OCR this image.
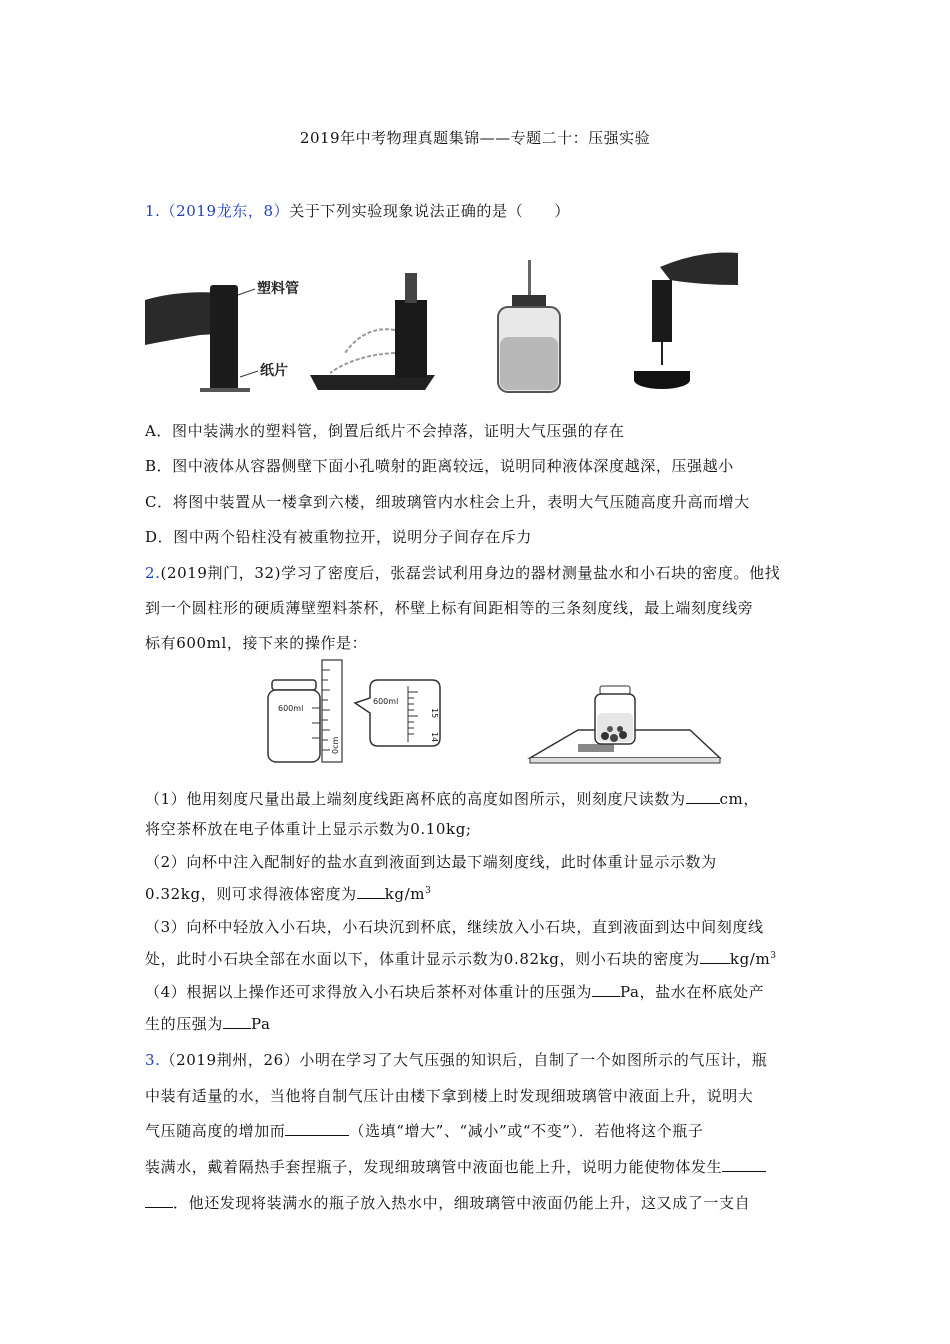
2019年中考物理真题集锦——专题二十：压强实验
1.（2019龙东，8）关于下列实验现象说法正确的是（　　）
塑料管
纸片
A．图中装满水的塑料管，倒置后纸片不会掉落，证明大气压强的存在
B．图中液体从容器侧壁下面小孔喷射的距离较远，说明同种液体深度越深，压强越小
C．将图中装置从一楼拿到六楼，细玻璃管内水柱会上升，表明大气压随高度升高而增大
D．图中两个铅柱没有被重物拉开，说明分子间存在斥力
2.(2019荆门，32)学习了密度后，张磊尝试利用身边的器材测量盐水和小石块的密度。他找
到一个圆柱形的硬质薄壁塑料茶杯，杯壁上标有间距相等的三条刻度线，最上端刻度线旁
标有600ml，接下来的操作是：
600ml
0cm
600ml
15
14
（1）他用刻度尺量出最上端刻度线距离杯底的高度如图所示，则刻度尺读数为 cm，
将空茶杯放在电子体重计上显示示数为0.10kg;
（2）向杯中注入配制好的盐水直到液面到达最下端刻度线，此时体重计显示示数为
0.32kg，则可求得液体密度为 $kg/m^3$
（3）向杯中轻放入小石块，小石块沉到杯底，继续放入小石块，直到液面到达中间刻度线
处，此时小石块全部在水面以下，体重计显示示数为0.82kg，则小石块的密度为 $kg/m^3$
（4）根据以上操作还可求得放入小石块后茶杯对体重计的压强为 Pa，盐水在杯底处产
生的压强为 Pa
3.（2019荆州，26）小明在学习了大气压强的知识后，自制了一个如图所示的气压计，瓶
中装有适量的水，当他将自制气压计由楼下拿到楼上时发现细玻璃管中液面上升，说明大
气压随高度的增加而	（选填“增大”、“减小”或“不变”）．若他将这个瓶子
装满水，戴着隔热手套捏瓶子，发现细玻璃管中液面也能上升，说明力能使物体发生
．他还发现将装满水的瓶子放入热水中，细玻璃管中液面仍能上升，这又成了一支自
